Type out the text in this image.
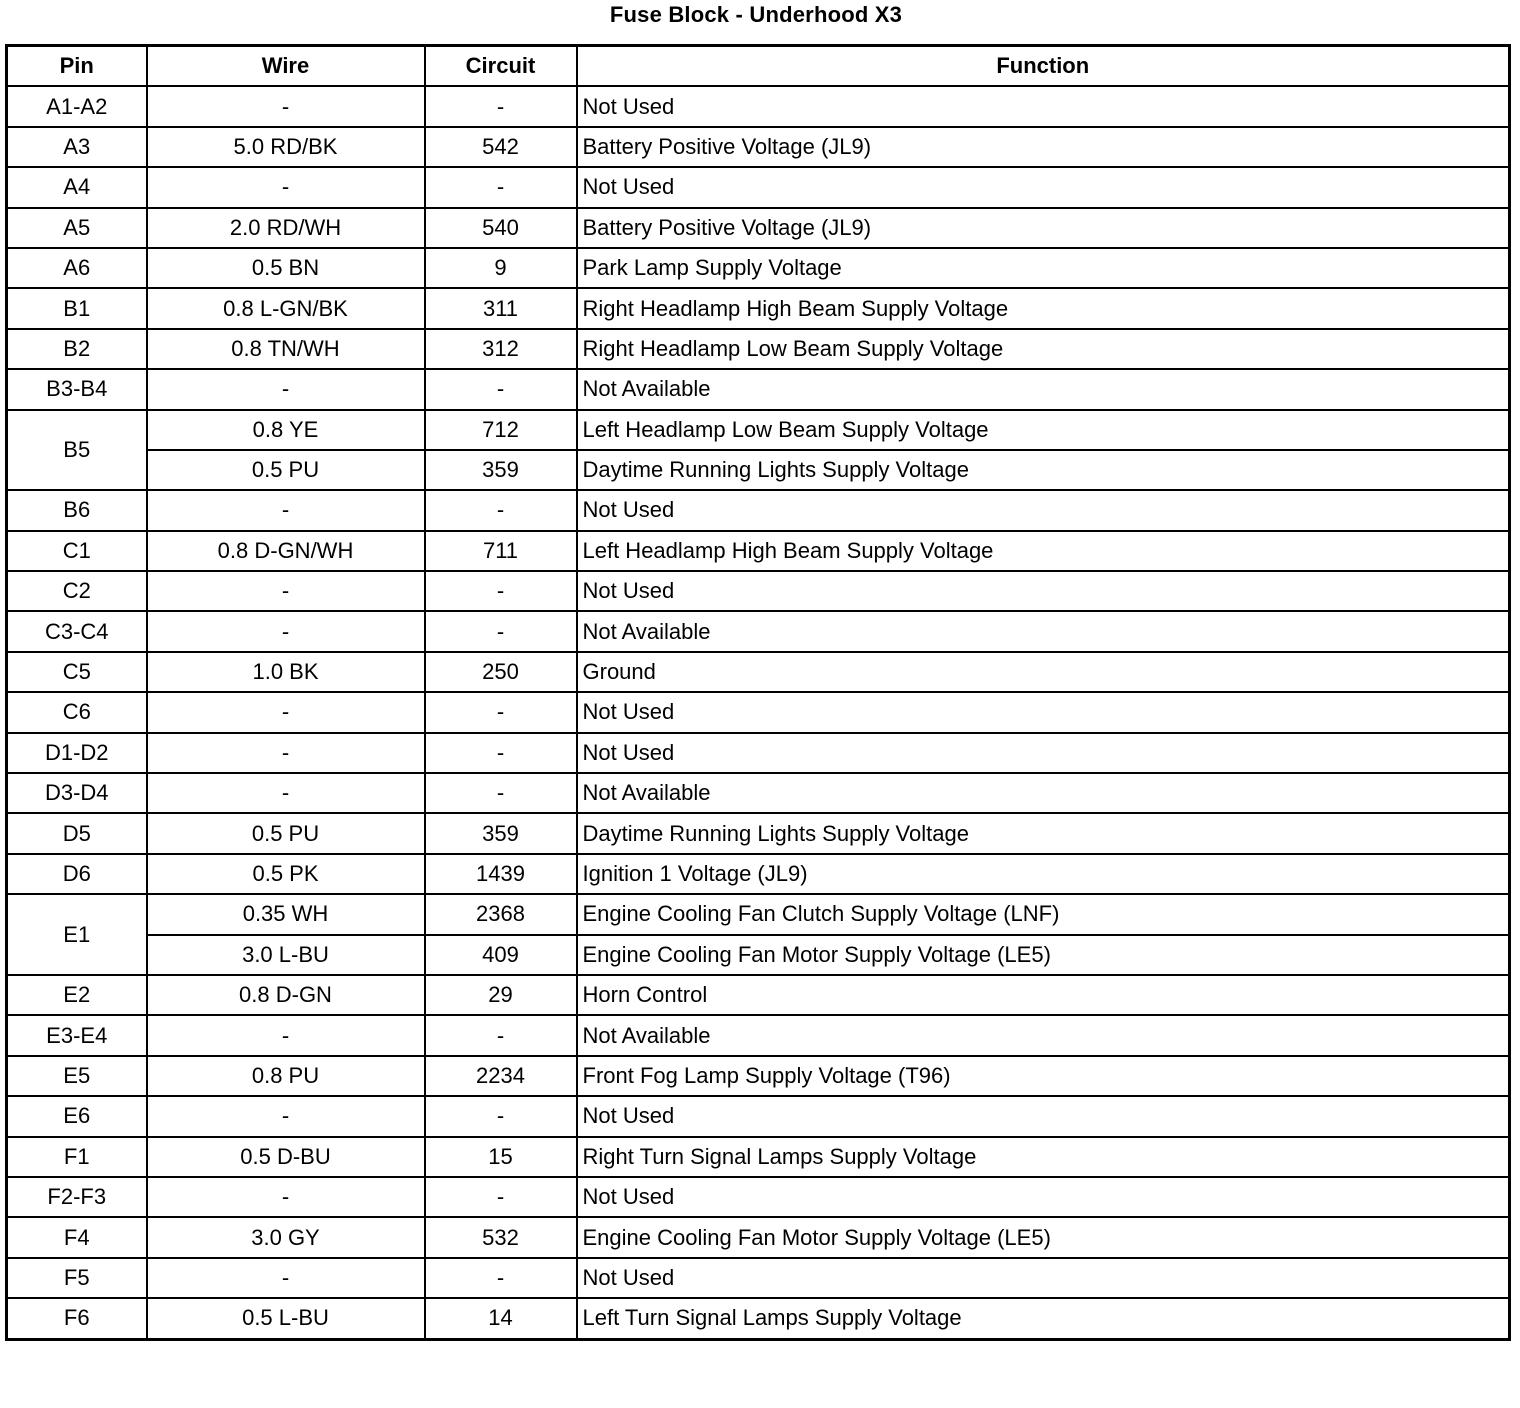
Fuse Block - Underhood X3
Pin	Wire	Circuit	Function
A1-A2	-	-	Not Used
A3	5.0 RD/BK	542	Battery Positive Voltage (JL9)
A4	-	-	Not Used
A5	2.0 RD/WH	540	Battery Positive Voltage (JL9)
A6	0.5 BN	9	Park Lamp Supply Voltage
B1	0.8 L-GN/BK	311	Right Headlamp High Beam Supply Voltage
B2	0.8 TN/WH	312	Right Headlamp Low Beam Supply Voltage
B3-B4	-	-	Not Available
B5	0.8 YE	712	Left Headlamp Low Beam Supply Voltage
	0.5 PU	359	Daytime Running Lights Supply Voltage
B6	-	-	Not Used
C1	0.8 D-GN/WH	711	Left Headlamp High Beam Supply Voltage
C2	-	-	Not Used
C3-C4	-	-	Not Available
C5	1.0 BK	250	Ground
C6	-	-	Not Used
D1-D2	-	-	Not Used
D3-D4	-	-	Not Available
D5	0.5 PU	359	Daytime Running Lights Supply Voltage
D6	0.5 PK	1439	Ignition 1 Voltage (JL9)
E1	0.35 WH	2368	Engine Cooling Fan Clutch Supply Voltage (LNF)
	3.0 L-BU	409	Engine Cooling Fan Motor Supply Voltage (LE5)
E2	0.8 D-GN	29	Horn Control
E3-E4	-	-	Not Available
E5	0.8 PU	2234	Front Fog Lamp Supply Voltage (T96)
E6	-	-	Not Used
F1	0.5 D-BU	15	Right Turn Signal Lamps Supply Voltage
F2-F3	-	-	Not Used
F4	3.0 GY	532	Engine Cooling Fan Motor Supply Voltage (LE5)
F5	-	-	Not Used
F6	0.5 L-BU	14	Left Turn Signal Lamps Supply Voltage
